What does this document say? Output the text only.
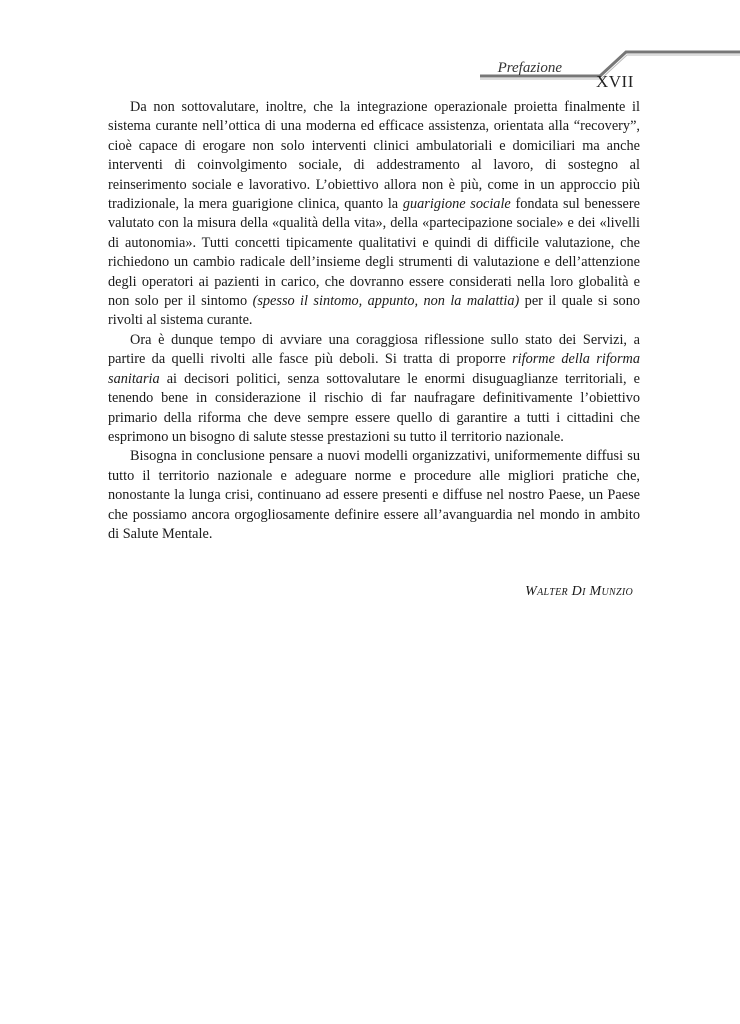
Prefazione
XVII

Da non sottovalutare, inoltre, che la integrazione operazionale proietta finalmente il sistema curante nell’ottica di una moderna ed efficace assistenza, orientata alla “recovery”, cioè capace di erogare non solo interventi clinici ambulatoriali e domiciliari ma anche interventi di coinvolgimento sociale, di addestramento al lavoro, di sostegno al reinserimento sociale e lavorativo. L’obiettivo allora non è più, come in un approccio più tradizionale, la mera guarigione clinica, quanto la guarigione sociale fondata sul benessere valutato con la misura della «qualità della vita», della «partecipazione sociale» e dei «livelli di autonomia». Tutti concetti tipicamente qualitativi e quindi di difficile valutazione, che richiedono un cambio radicale dell’insieme degli strumenti di valutazione e dell’attenzione degli operatori ai pazienti in carico, che dovranno essere considerati nella loro globalità e non solo per il sintomo (spesso il sintomo, appunto, non la malattia) per il quale si sono rivolti al sistema curante.

Ora è dunque tempo di avviare una coraggiosa riflessione sullo stato dei Servizi, a partire da quelli rivolti alle fasce più deboli. Si tratta di proporre riforme della riforma sanitaria ai decisori politici, senza sottovalutare le enormi disuguaglianze territoriali, e tenendo bene in considerazione il rischio di far naufragare definitivamente l’obiettivo primario della riforma che deve sempre essere quello di garantire a tutti i cittadini che esprimono un bisogno di salute stesse prestazioni su tutto il territorio nazionale.

Bisogna in conclusione pensare a nuovi modelli organizzativi, uniformemente diffusi su tutto il territorio nazionale e adeguare norme e procedure alle migliori pratiche che, nonostante la lunga crisi, continuano ad essere presenti e diffuse nel nostro Paese, un Paese che possiamo ancora orgogliosamente definire essere all’avanguardia nel mondo in ambito di Salute Mentale.

Walter Di Munzio
